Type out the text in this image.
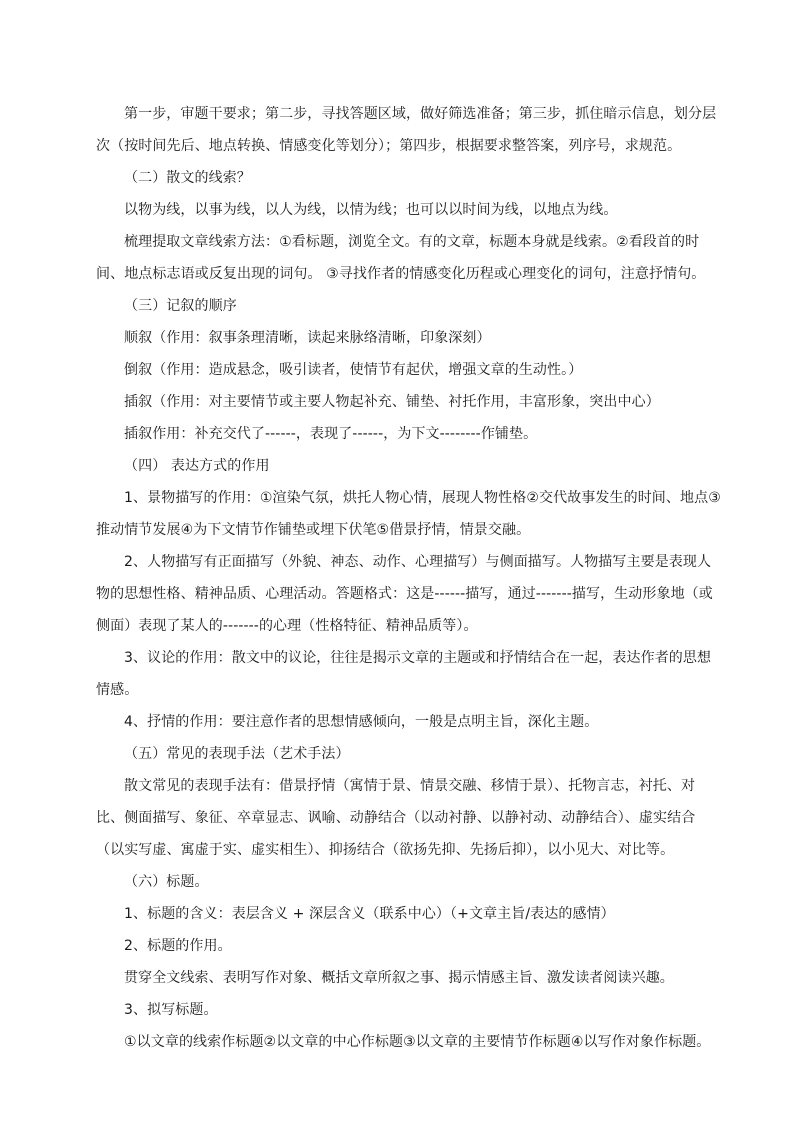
第一步，审题干要求；第二步，寻找答题区域，做好筛选准备；第三步，抓住暗示信息，划分层次（按时间先后、地点转换、情感变化等划分）；第四步，根据要求整答案，列序号，求规范。

（二）散文的线索？

以物为线，以事为线，以人为线，以情为线；也可以以时间为线，以地点为线。

梳理提取文章线索方法：①看标题，浏览全文。有的文章，标题本身就是线索。②看段首的时间、地点标志语或反复出现的词句。 ③寻找作者的情感变化历程或心理变化的词句，注意抒情句。

（三）记叙的顺序

顺叙（作用：叙事条理清晰，读起来脉络清晰，印象深刻）

倒叙（作用：造成悬念，吸引读者，使情节有起伏，增强文章的生动性。）

插叙（作用：对主要情节或主要人物起补充、铺垫、衬托作用，丰富形象，突出中心）

插叙作用：补充交代了------，表现了------，为下文--------作铺垫。

（四） 表达方式的作用

1、景物描写的作用：①渲染气氛，烘托人物心情，展现人物性格②交代故事发生的时间、地点③推动情节发展④为下文情节作铺垫或埋下伏笔⑤借景抒情，情景交融。

2、人物描写有正面描写（外貌、神态、动作、心理描写）与侧面描写。人物描写主要是表现人物的思想性格、精神品质、心理活动。答题格式：这是------描写，通过-------描写，生动形象地（或侧面）表现了某人的-------的心理（性格特征、精神品质等）。

3、议论的作用：散文中的议论，往往是揭示文章的主题或和抒情结合在一起，表达作者的思想情感。

4、抒情的作用：要注意作者的思想情感倾向，一般是点明主旨，深化主题。

（五）常见的表现手法（艺术手法）

散文常见的表现手法有：借景抒情（寓情于景、情景交融、移情于景）、托物言志，衬托、对比、侧面描写、象征、卒章显志、讽喻、动静结合（以动衬静、以静衬动、动静结合）、虚实结合（以实写虚、寓虚于实、虚实相生）、抑扬结合（欲扬先抑、先扬后抑），以小见大、对比等。

（六）标题。

1、标题的含义：表层含义 + 深层含义（联系中心）（+文章主旨/表达的感情）

2、标题的作用。

贯穿全文线索、表明写作对象、概括文章所叙之事、揭示情感主旨、激发读者阅读兴趣。

3、拟写标题。

①以文章的线索作标题②以文章的中心作标题③以文章的主要情节作标题④以写作对象作标题。
